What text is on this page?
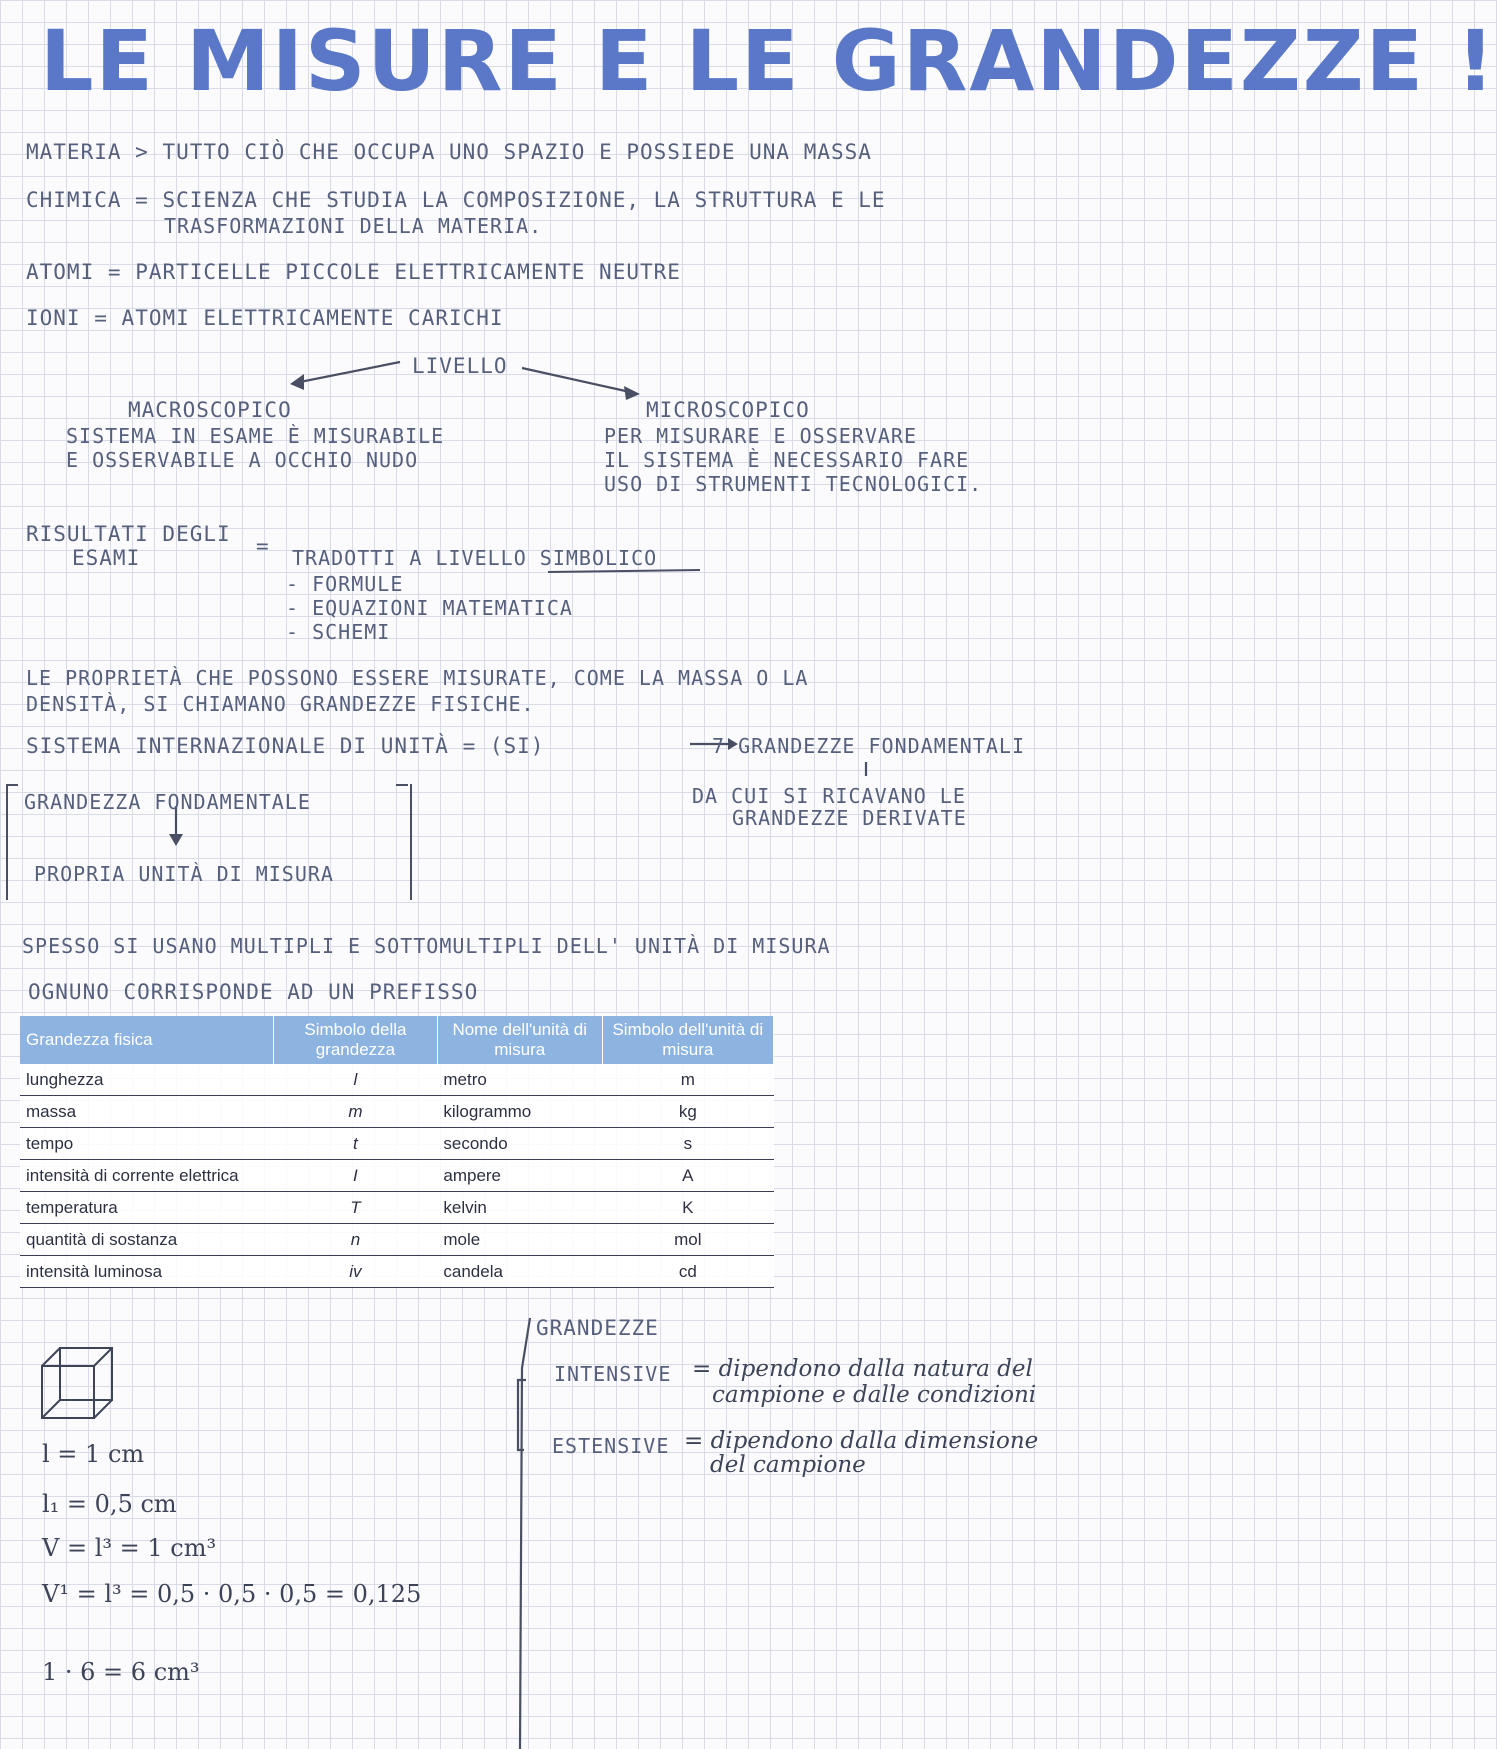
LE MISURE E LE GRANDEZZE !
MATERIA > TUTTO CIÒ CHE OCCUPA UNO SPAZIO E POSSIEDE UNA MASSA
CHIMICA = SCIENZA CHE STUDIA LA COMPOSIZIONE, LA STRUTTURA E LE
TRASFORMAZIONI DELLA MATERIA.
ATOMI = PARTICELLE PICCOLE ELETTRICAMENTE NEUTRE
IONI = ATOMI ELETTRICAMENTE CARICHI
LIVELLO
MACROSCOPICO
SISTEMA IN ESAME È MISURABILE
E OSSERVABILE A OCCHIO NUDO
MICROSCOPICO
PER MISURARE E OSSERVARE
IL SISTEMA È NECESSARIO FARE
USO DI STRUMENTI TECNOLOGICI.
RISULTATI DEGLI
ESAMI	= TRADOTTI A LIVELLO SIMBOLICO
- FORMULE
- EQUAZIONI MATEMATICA
- SCHEMI
LE PROPRIETÀ CHE POSSONO ESSERE MISURATE, COME LA MASSA O LA
DENSITÀ, SI CHIAMANO GRANDEZZE FISICHE.
SISTEMA INTERNAZIONALE DI UNITÀ = (SI)	7 GRANDEZZE FONDAMENTALI
DA CUI SI RICAVANO LE
GRANDEZZE DERIVATE
GRANDEZZA FONDAMENTALE
PROPRIA UNITÀ DI MISURA
SPESSO SI USANO MULTIPLI E SOTTOMULTIPLI DELL' UNITÀ DI MISURA
OGNUNO CORRISPONDE AD UN PREFISSO
Grandezza fisica	Simbolo della grandezza	Nome dell'unità di misura	Simbolo dell'unità di misura
lunghezza	l	metro	m
massa	m	kilogrammo	kg
tempo	t	secondo	s
intensità di corrente elettrica	I	ampere	A
temperatura	T	kelvin	K
quantità di sostanza	n	mole	mol
intensità luminosa	iv	candela	cd
l = 1 cm
l₁ = 0,5 cm
V = l³ = 1 cm³
V¹ = l³ = 0,5 · 0,5 · 0,5 = 0,125
1 · 6 = 6 cm³
GRANDEZZE
INTENSIVE = dipendono dalla natura del
campione e dalle condizioni
ESTENSIVE = dipendono dalla dimensione
del campione
